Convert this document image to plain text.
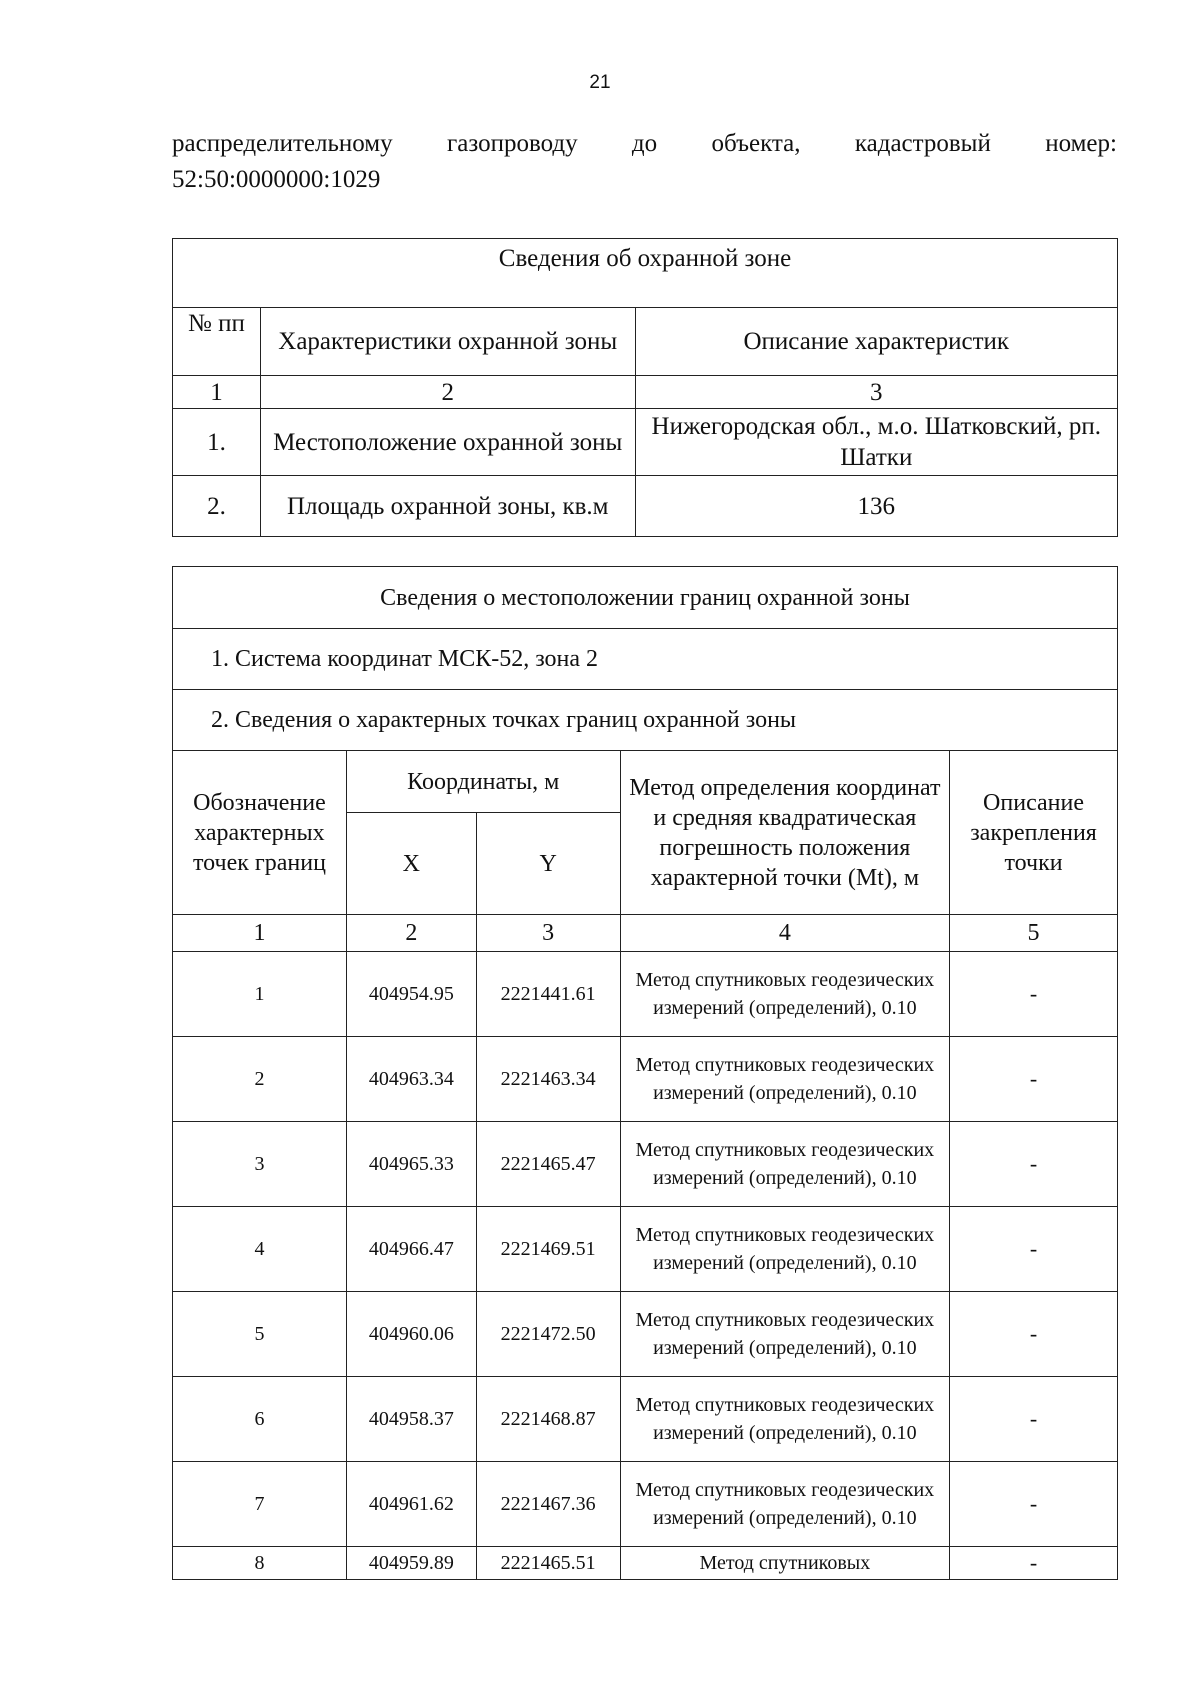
21
распределительному газопроводу до объекта, кадастровый номер:
52:50:0000000:1029
Сведения об охранной зоне		
№ пп	Характеристики охранной зоны	Описание характеристик
1	2	3
1.	Местоположение охранной зоны	Нижегородская обл., м.о. Шатковский, рп. Шатки
2.	Площадь охранной зоны, кв.м	136
Сведения о местоположении границ охранной зоны				
1. Система координат МСК-52, зона 2				
2. Сведения о характерных точках границ охранной зоны				
Обозначение характерных точек границ	Координаты, м		Метод определения координат и средняя квадратическая погрешность положения характерной точки (Mt), м	Описание закрепления точки
	X	Y		
1	2	3	4	5
1	404954.95	2221441.61	Метод спутниковых геодезических измерений (определений), 0.10	-
2	404963.34	2221463.34	Метод спутниковых геодезических измерений (определений), 0.10	-
3	404965.33	2221465.47	Метод спутниковых геодезических измерений (определений), 0.10	-
4	404966.47	2221469.51	Метод спутниковых геодезических измерений (определений), 0.10	-
5	404960.06	2221472.50	Метод спутниковых геодезических измерений (определений), 0.10	-
6	404958.37	2221468.87	Метод спутниковых геодезических измерений (определений), 0.10	-
7	404961.62	2221467.36	Метод спутниковых геодезических измерений (определений), 0.10	-
8	404959.89	2221465.51	Метод спутниковых	-
